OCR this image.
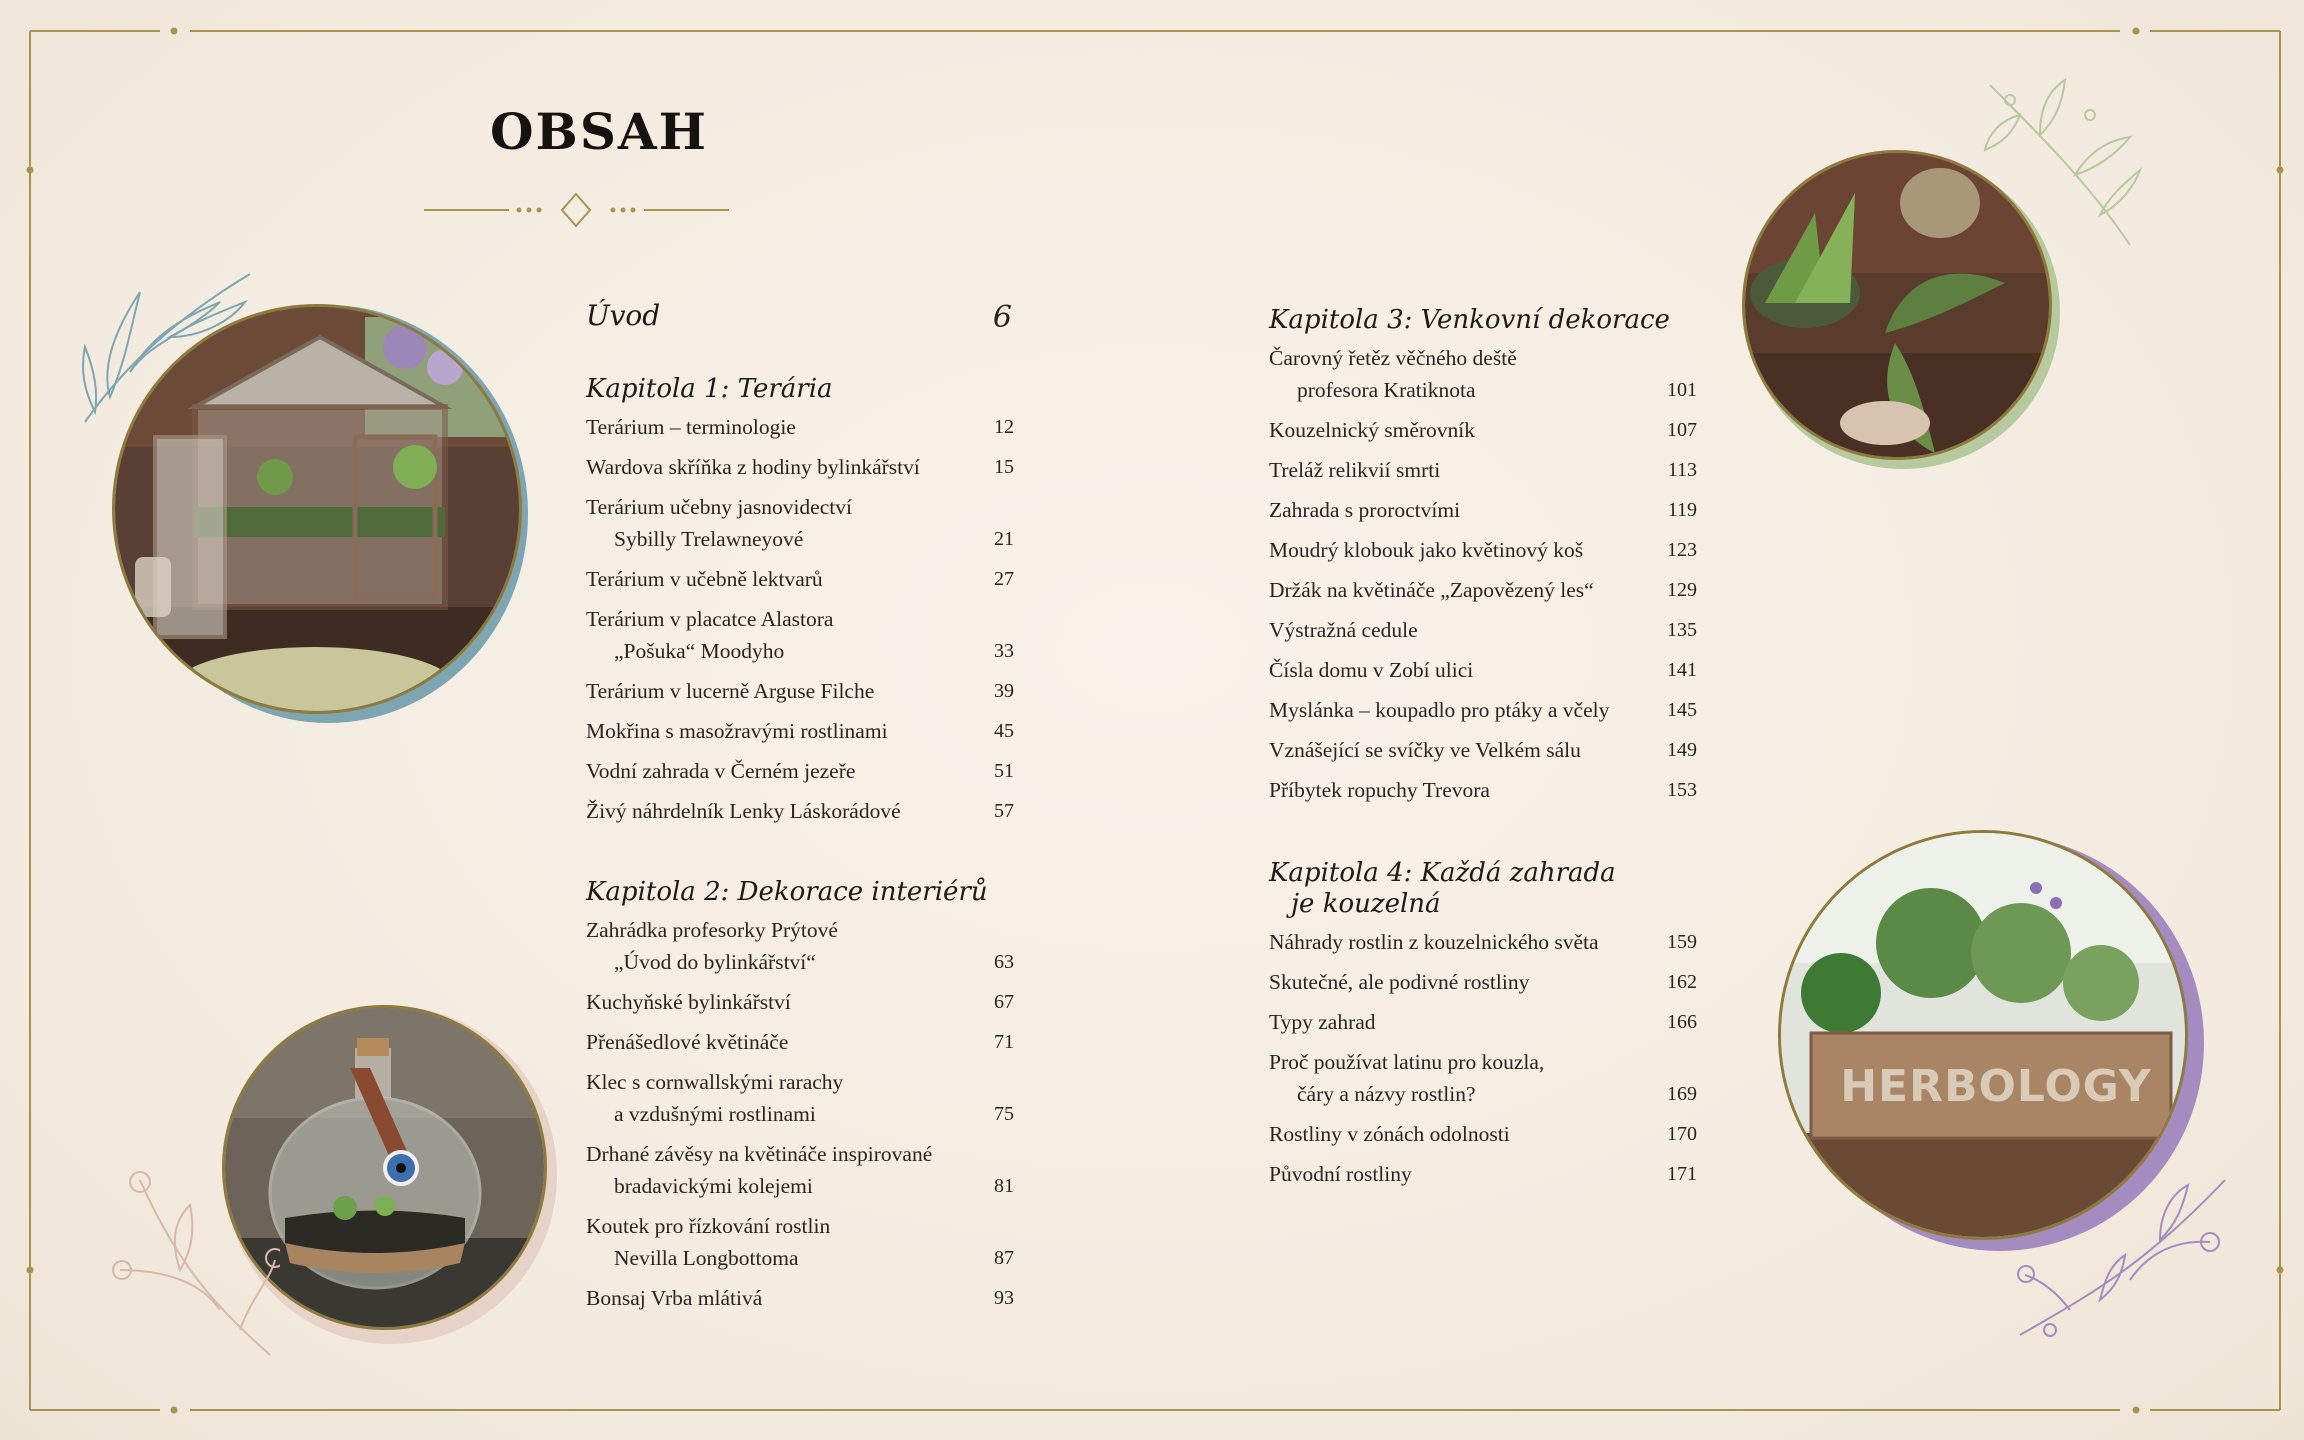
OBSAH
HERBOLOGY
Úvod	6
Kapitola 1: Terária
Terárium – terminologie	12
Wardova skříňka z hodiny bylinkářství	15
Terárium učebny jasnovidectví
Sybilly Trelawneyové	21
Terárium v učebně lektvarů	27
Terárium v placatce Alastora
„Pošuka“ Moodyho	33
Terárium v lucerně Arguse Filche	39
Mokřina s masožravými rostlinami	45
Vodní zahrada v Černém jezeře	51
Živý náhrdelník Lenky Láskorádové	57
Kapitola 2: Dekorace interiérů
Zahrádka profesorky Prýtové
„Úvod do bylinkářství“	63
Kuchyňské bylinkářství	67
Přenášedlové květináče	71
Klec s cornwallskými rarachy
a vzdušnými rostlinami	75
Drhané závěsy na květináče inspirované
bradavickými kolejemi	81
Koutek pro řízkování rostlin
Nevilla Longbottoma	87
Bonsaj Vrba mlátivá	93
Kapitola 3: Venkovní dekorace
Čarovný řetěz věčného deště
profesora Kratiknota	101
Kouzelnický směrovník	107
Treláž relikvií smrti	113
Zahrada s proroctvími	119
Moudrý klobouk jako květinový koš	123
Držák na květináče „Zapovězený les“	129
Výstražná cedule	135
Čísla domu v Zobí ulici	141
Myslánka – koupadlo pro ptáky a včely	145
Vznášející se svíčky ve Velkém sálu	149
Příbytek ropuchy Trevora	153
Kapitola 4: Každá zahrada
je kouzelná
Náhrady rostlin z kouzelnického světa	159
Skutečné, ale podivné rostliny	162
Typy zahrad	166
Proč používat latinu pro kouzla,
čáry a názvy rostlin?	169
Rostliny v zónách odolnosti	170
Původní rostliny	171
